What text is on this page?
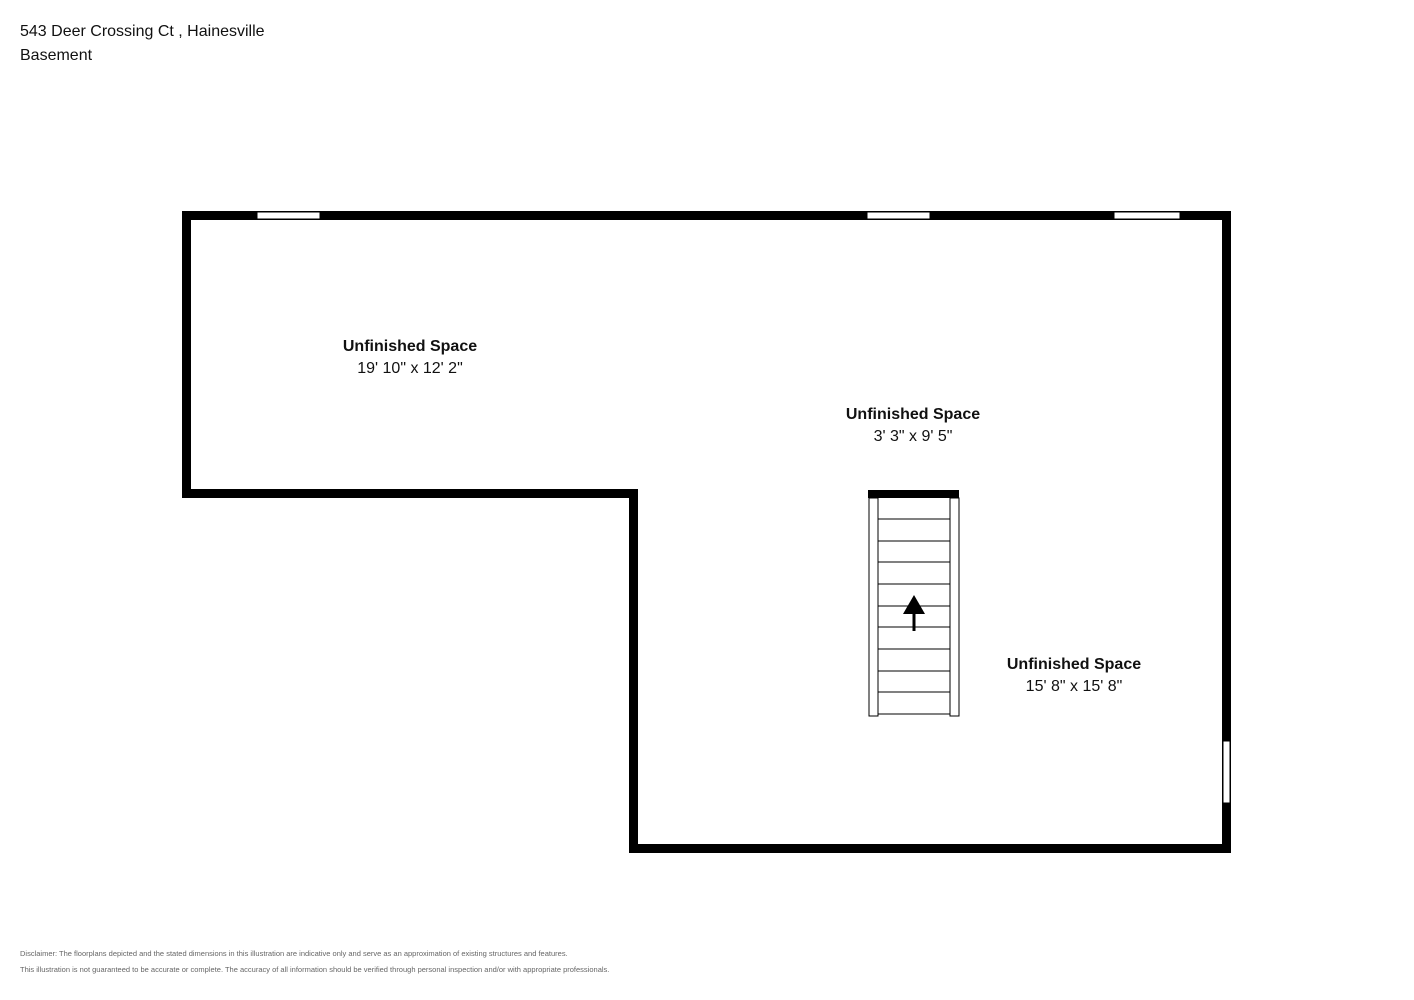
543 Deer Crossing Ct , Hainesville
Basement
Unfinished Space
19' 10" x 12' 2"
Unfinished Space
3' 3" x 9' 5"
Unfinished Space
15' 8" x 15' 8"
Disclaimer: The floorplans depicted and the stated dimensions in this illustration are indicative only and serve as an approximation of existing structures and features.
This illustration is not guaranteed to be accurate or complete. The accuracy of all information should be verified through personal inspection and/or with appropriate professionals.
